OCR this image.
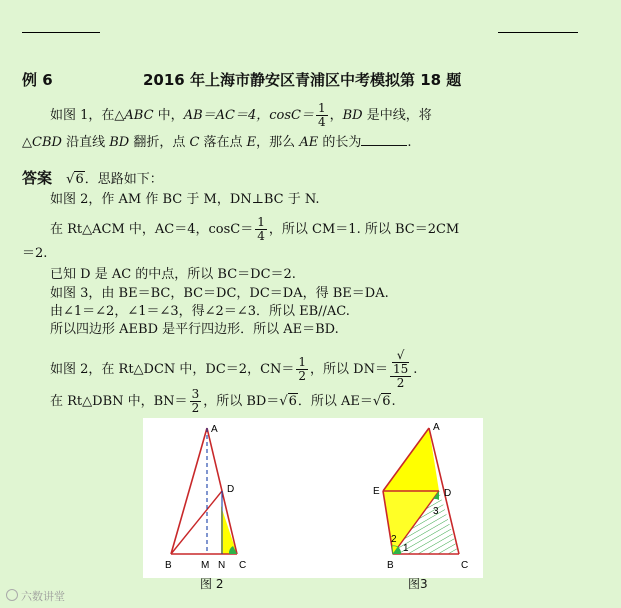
例 6	2016 年上海市静安区青浦区中考模拟第 18 题
如图 1，在△ABC 中，AB＝AC＝4，$\cos C= \frac{1}{4}$ ，BD 是中线，将
△CBD 沿直线 BD 翻折，点 C 落在点 E，那么 AE 的长为	.
答案 √6．思路如下：
如图 2，作 AM 作 BC 于 M，DN⊥BC 于 N.
在 Rt△ACM 中，AC＝4，$\cos C= \frac{1}{4}$ ，所以 CM＝1. 所以 BC＝2CM
＝2.
已知 D 是 AC 的中点，所以 BC＝DC＝2.
如图 3，由 BE＝BC，BC＝DC，DC＝DA，得 BE＝DA.
由∠1＝∠2，∠1＝∠3，得∠2＝∠3．所以 EB//AC.
所以四边形 AEBD 是平行四边形．所以 AE＝BD.
如图 2，在 Rt△DCN 中，DC＝2，$CN= \frac{1}{2}$ ，所以 DN＝ √
15
2 .
在 Rt△DBN 中，$BN= \frac{3}{2}$ ，所以 BD＝√6．所以 AE＝√6.
A
D
B	M N C
A
E	D
3
2
1
B	C
图 2	图3
六数讲堂
